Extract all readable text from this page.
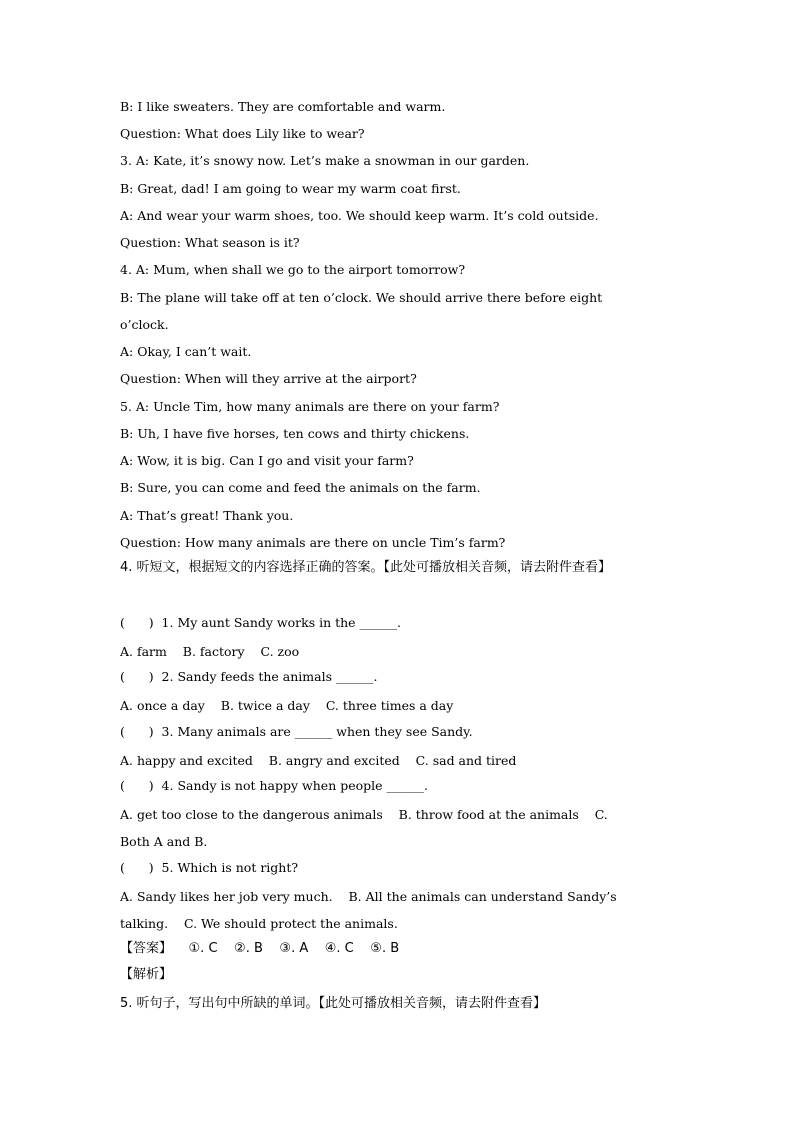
B: I like sweaters. They are comfortable and warm.
Question: What does Lily like to wear?
3. A: Kate, it’s snowy now. Let’s make a snowman in our garden.
B: Great, dad! I am going to wear my warm coat first.
A: And wear your warm shoes, too. We should keep warm. It’s cold outside.
Question: What season is it?
4. A: Mum, when shall we go to the airport tomorrow?
B: The plane will take off at ten o’clock. We should arrive there before eight
o’clock.
A: Okay, I can’t wait.
Question: When will they arrive at the airport?
5. A: Uncle Tim, how many animals are there on your farm?
B: Uh, I have five horses, ten cows and thirty chickens.
A: Wow, it is big. Can I go and visit your farm?
B: Sure, you can come and feed the animals on the farm.
A: That’s great! Thank you.
Question: How many animals are there on uncle Tim’s farm?
4. 听短文，根据短文的内容选择正确的答案。【此处可播放相关音频，请去附件查看】
(      )  1. My aunt Sandy works in the ______.
A. farm    B. factory    C. zoo
(      )  2. Sandy feeds the animals ______.
A. once a day    B. twice a day    C. three times a day
(      )  3. Many animals are ______ when they see Sandy.
A. happy and excited    B. angry and excited    C. sad and tired
(      )  4. Sandy is not happy when people ______.
A. get too close to the dangerous animals    B. throw food at the animals    C.
Both A and B.
(      )  5. Which is not right?
A. Sandy likes her job very much.    B. All the animals can understand Sandy’s
talking.    C. We should protect the animals.
【答案】    ①. C    ②. B    ③. A    ④. C    ⑤. B
【解析】
5. 听句子，写出句中所缺的单词。【此处可播放相关音频，请去附件查看】
